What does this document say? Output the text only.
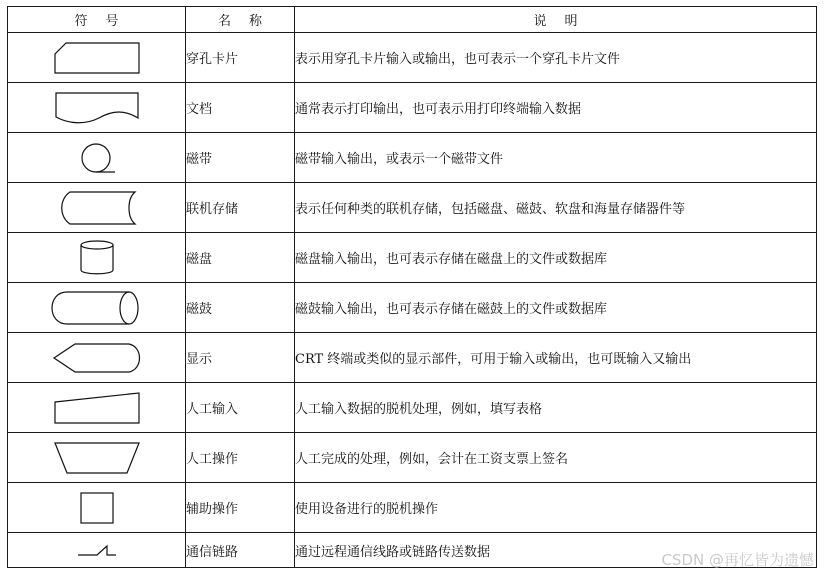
符号	名称	说明

	穿孔卡片	表示用穿孔卡片输入或输出，也可表示一个穿孔卡片文件

	文档	通常表示打印输出，也可表示用打印终端输入数据

	磁带	磁带输入输出，或表示一个磁带文件

	联机存储	表示任何种类的联机存储，包括磁盘、磁鼓、软盘和海量存储器件等

	磁盘	磁盘输入输出，也可表示存储在磁盘上的文件或数据库

	磁鼓	磁鼓输入输出，也可表示存储在磁鼓上的文件或数据库

	显示	CRT 终端或类似的显示部件，可用于输入或输出，也可既输入又输出

	人工输入	人工输入数据的脱机处理，例如，填写表格

	人工操作	人工完成的处理，例如，会计在工资支票上签名

	辅助操作	使用设备进行的脱机操作

	通信链路	通过远程通信线路或链路传送数据	CSDN @再忆皆为遗憾
